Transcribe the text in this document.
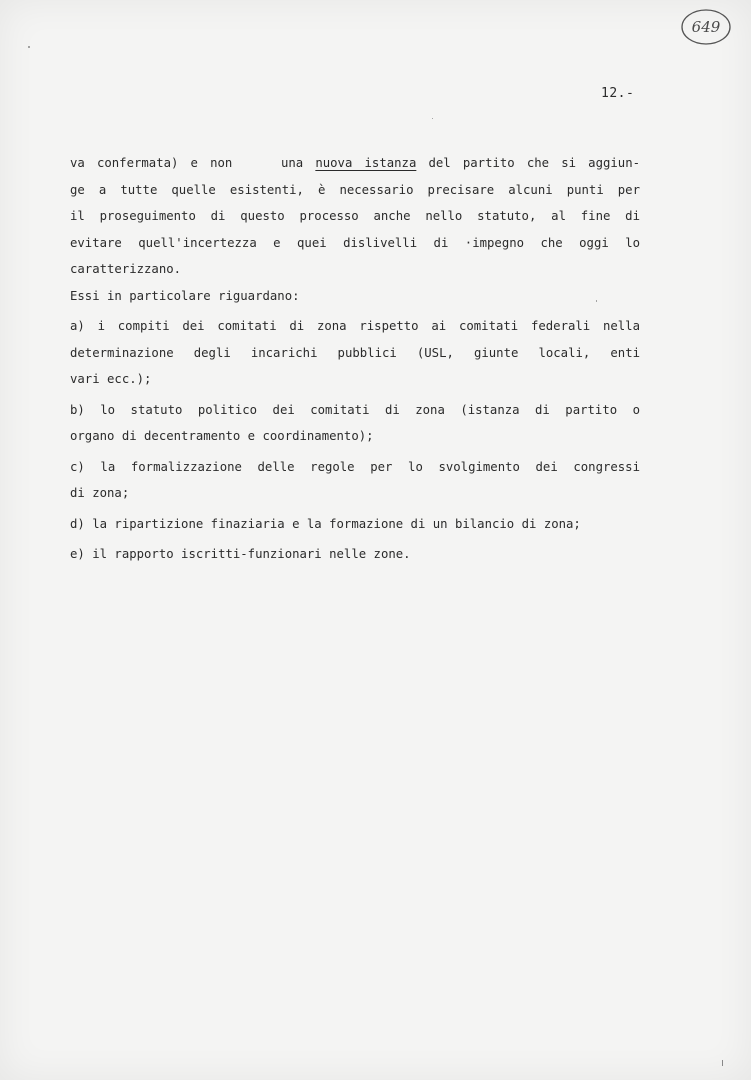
649
12.-
va confermata) e non    una nuova istanza del partito che si aggiun-
ge a tutte quelle esistenti, è necessario precisare alcuni punti per
il proseguimento di questo processo anche nello statuto, al fine di
evitare quell'incertezza e quei dislivelli di ·impegno che oggi lo
caratterizzano.
Essi in particolare riguardano:
a) i compiti dei comitati di zona rispetto ai comitati federali nella
determinazione degli incarichi pubblici (USL, giunte locali, enti
vari ecc.);
b) lo statuto politico dei comitati di zona (istanza di partito o
organo di decentramento e coordinamento);
c) la formalizzazione delle regole per lo svolgimento dei congressi
di zona;
d) la ripartizione finaziaria e la formazione di un bilancio di zona;
e) il rapporto iscritti-funzionari nelle zone.
